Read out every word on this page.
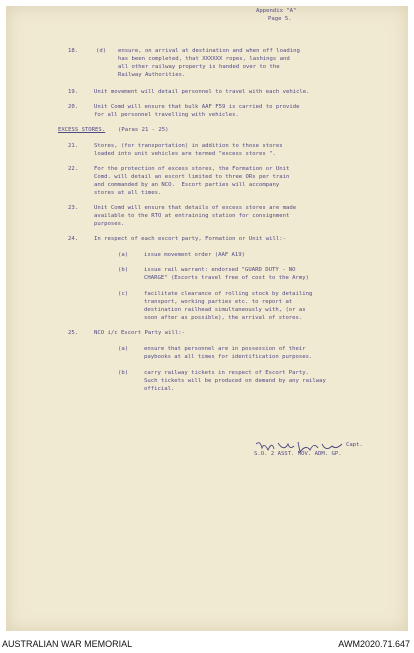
Appendix "A"
Page 5.
18.	(d) ensure, on arrival at destination and when off loading
has been completed, that XXXXXX ropes, lashings and
all other railway property is handed over to the
Railway Authorities.
19.	Unit movement will detail personnel to travel with each vehicle.
20.	Unit Comd will ensure that bulk AAF F59 is carried to provide
for all personnel travelling with vehicles.
EXCESS STORES. (Paras 21 - 25)
21.	Stores, (for transportation) in addition to those stores
loaded into unit vehicles are termed "excess stores ".
22.	For the protection of excess stores, the Formation or Unit
Comd. will detail an escort limited to three ORs per train
and commanded by an NCO.  Escort parties will accompany
stores at all times.
23.	Unit Comd will ensure that details of excess stores are made
available to the RTO at entraining station for consignment
purposes.
24.	In respect of each escort party, Formation or Unit will:-
(a)	issue movement order (AAF A19)
(b)	issue rail warrant: endorsed "GUARD DUTY - NO
CHARGE" (Escorts travel free of cost to the Army)
(c)	facilitate clearance of rolling stock by detailing
transport, working parties etc. to report at
destination railhead simultaneously with, (or as
soon after as possible), the arrival of stores.
25.	NCO i/c Escort Party will:-
(a)	ensure that personnel are in possession of their
paybooks at all times for identification purposes.
(b)	carry railway tickets in respect of Escort Party.
Such tickets will be produced on demand by any railway
official.
Capt.
S.O. 2 ASST. MOV. ADM. GP.
AUSTRALIAN WAR MEMORIAL	AWM2020.71.647
